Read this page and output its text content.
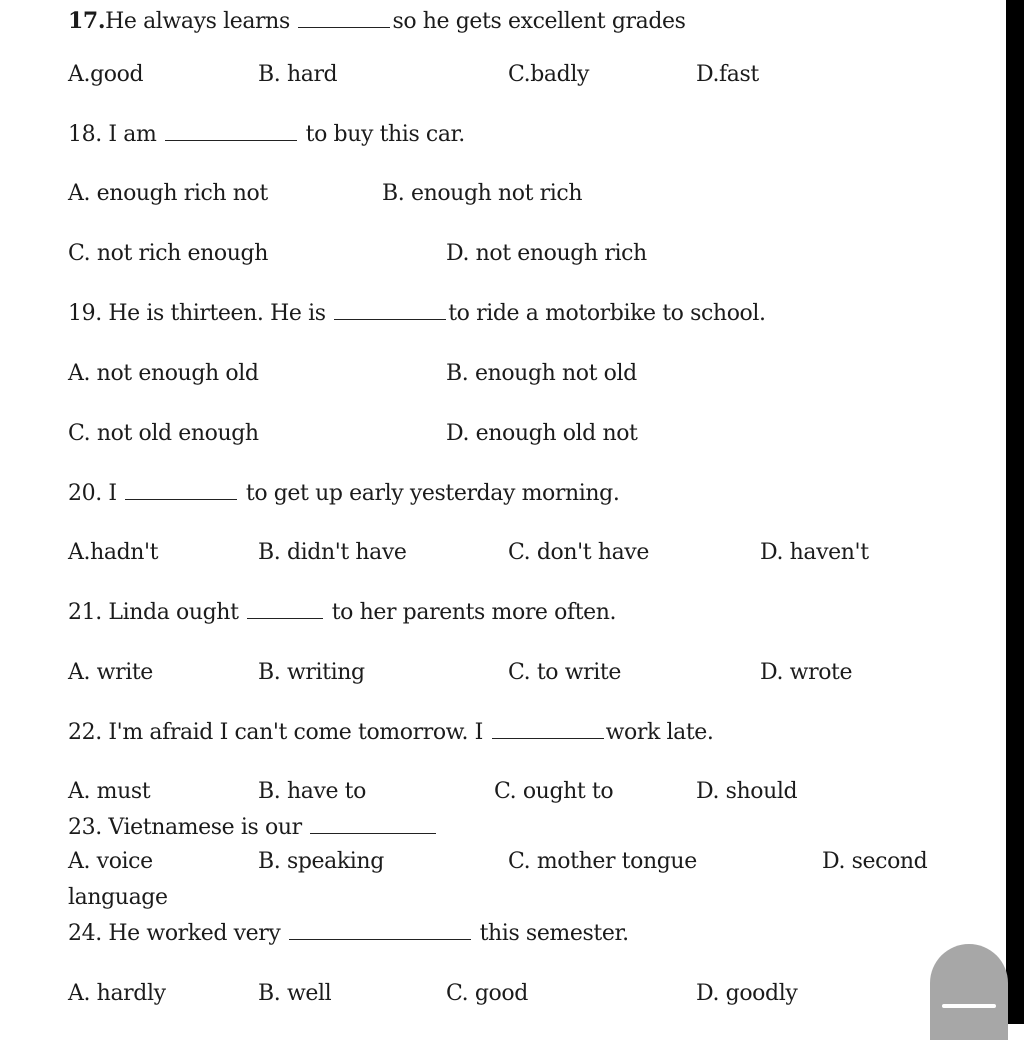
17.He always learns	so he gets excellent grades
A.good	B. hard	C.badly	D.fast
18. I am	to buy this car.
A. enough rich not	B. enough not rich
C. not rich enough	D. not enough rich
19. He is thirteen. He is	to ride a motorbike to school.
A. not enough old	B. enough not old
C. not old enough	D. enough old not
20. I	to get up early yesterday morning.
A.hadn't	B. didn't have	C. don't have	D. haven't
21. Linda ought	to her parents more often.
A. write	B. writing	C. to write	D. wrote
22. I'm afraid I can't come tomorrow. I	work late.
A. must	B. have to	C. ought to	D. should
23. Vietnamese is our
A. voice	B. speaking	C. mother tongue	D. second
language
24. He worked very	this semester.
A. hardly	B. well	C. good	D. goodly
